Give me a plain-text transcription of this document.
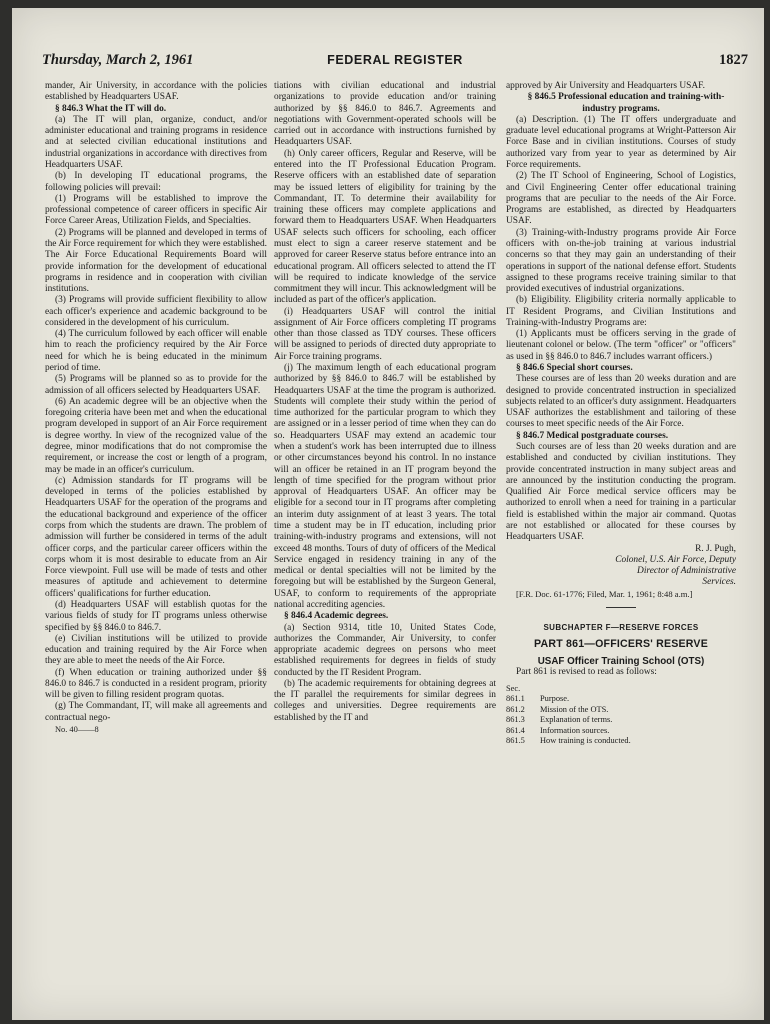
Thursday, March 2, 1961	FEDERAL REGISTER	1827

mander, Air University, in accordance with the policies established by Headquarters USAF.

§ 846.3 What the IT will do.

(a) The IT will plan, organize, conduct, and/or administer educational and training programs in residence and at selected civilian educational institutions and industrial organizations in accordance with directives from Headquarters USAF.

(b) In developing IT educational programs, the following policies will prevail:

(1) Programs will be established to improve the professional competence of career officers in specific Air Force Career Areas, Utilization Fields, and Specialties.

(2) Programs will be planned and developed in terms of the Air Force requirement for which they were established. The Air Force Educational Requirements Board will provide information for the development of educational programs in residence and in cooperation with civilian institutions.

(3) Programs will provide sufficient flexibility to allow each officer's experience and academic background to be considered in the development of his curriculum.

(4) The curriculum followed by each officer will enable him to reach the proficiency required by the Air Force need for which he is being educated in the minimum period of time.

(5) Programs will be planned so as to provide for the admission of all officers selected by Headquarters USAF.

(6) An academic degree will be an objective when the foregoing criteria have been met and when the educational program developed in support of an Air Force requirement is degree worthy. In view of the recognized value of the degree, minor modifications that do not compromise the requirement, or increase the cost or length of a program, may be made in an officer's curriculum.

(c) Admission standards for IT programs will be developed in terms of the policies established by Headquarters USAF for the operation of the programs and the educational background and experience of the officer corps from which the students are drawn. The problem of admission will further be considered in terms of the adult officer corps, and the particular career officers within the corps whom it is most desirable to educate from an Air Force viewpoint. Full use will be made of tests and other measures of aptitude and achievement to determine officers' qualifications for further education.

(d) Headquarters USAF will establish quotas for the various fields of study for IT programs unless otherwise specified by §§ 846.0 to 846.7.

(e) Civilian institutions will be utilized to provide education and training required by the Air Force when they are able to meet the needs of the Air Force.

(f) When education or training authorized under §§ 846.0 to 846.7 is conducted in a resident program, priority will be given to filling resident program quotas.

(g) The Commandant, IT, will make all agreements and contractual nego-

No. 40——8

tiations with civilian educational and industrial organizations to provide education and/or training authorized by §§ 846.0 to 846.7. Agreements and negotiations with Government-operated schools will be carried out in accordance with instructions furnished by Headquarters USAF.

(h) Only career officers, Regular and Reserve, will be entered into the IT Professional Education Program. Reserve officers with an established date of separation may be issued letters of eligibility for training by the Commandant, IT. To determine their availability for training these officers may complete applications and forward them to Headquarters USAF. When Headquarters USAF selects such officers for schooling, each officer must elect to sign a career reserve statement and be approved for career Reserve status before entrance into an educational program. All officers selected to attend the IT will be required to indicate knowledge of the service commitment they will incur. This acknowledgment will be included as part of the officer's application.

(i) Headquarters USAF will control the initial assignment of Air Force officers completing IT programs other than those classed as TDY courses. These officers will be assigned to periods of directed duty appropriate to Air Force training programs.

(j) The maximum length of each educational program authorized by §§ 846.0 to 846.7 will be established by Headquarters USAF at the time the program is authorized. Students will complete their study within the period of time authorized for the particular program to which they are assigned or in a lesser period of time when they can do so. Headquarters USAF may extend an academic tour when a student's work has been interrupted due to illness or other circumstances beyond his control. In no instance will an officer be retained in an IT program beyond the length of time specified for the program without prior approval of Headquarters USAF. An officer may be eligible for a second tour in IT programs after completing an interim duty assignment of at least 3 years. The total time a student may be in IT education, including prior training-with-industry programs and extensions, will not exceed 48 months. Tours of duty of officers of the Medical Service engaged in residency training in any of the medical or dental specialties will not be limited by the foregoing but will be established by the Surgeon General, USAF, to conform to requirements of the appropriate national accrediting agencies.

§ 846.4 Academic degrees.

(a) Section 9314, title 10, United States Code, authorizes the Commander, Air University, to confer appropriate academic degrees on persons who meet established requirements for degrees in fields of study conducted by the IT Resident Program.

(b) The academic requirements for obtaining degrees at the IT parallel the requirements for similar degrees in colleges and universities. Degree requirements are established by the IT and

approved by Air University and Headquarters USAF.

§ 846.5 Professional education and training-with-industry programs.

(a) Description. (1) The IT offers undergraduate and graduate level educational programs at Wright-Patterson Air Force Base and in civilian institutions. Courses of study authorized vary from year to year as determined by Air Force requirements.

(2) The IT School of Engineering, School of Logistics, and Civil Engineering Center offer educational training programs that are peculiar to the needs of the Air Force. Programs are established, as directed by Headquarters USAF.

(3) Training-with-Industry programs provide Air Force officers with on-the-job training at various industrial concerns so that they may gain an understanding of their operations in support of the national defense effort. Students assigned to these programs receive training similar to that provided executives of industrial organizations.

(b) Eligibility. Eligibility criteria normally applicable to IT Resident Programs, and Civilian Institutions and Training-with-Industry Programs are:

(1) Applicants must be officers serving in the grade of lieutenant colonel or below. (The term "officer" or "officers" as used in §§ 846.0 to 846.7 includes warrant officers.)

§ 846.6 Special short courses.

These courses are of less than 20 weeks duration and are designed to provide concentrated instruction in specialized subjects related to an officer's duty assignment. Headquarters USAF authorizes the establishment and tailoring of these courses to meet specific needs of the Air Force.

§ 846.7 Medical postgraduate courses.

Such courses are of less than 20 weeks duration and are established and conducted by civilian institutions. They provide concentrated instruction in many subject areas and are announced by the institution conducting the program. Qualified Air Force medical service officers may be authorized to enroll when a need for training in a particular field is established within the major air command. Quotas are not established or allocated for these courses by Headquarters USAF.

R. J. Pugh,

Colonel, U.S. Air Force, Deputy

Director of Administrative

Services.

[F.R. Doc. 61-1776; Filed, Mar. 1, 1961; 8:48 a.m.]

SUBCHAPTER F—RESERVE FORCES
PART 861—OFFICERS' RESERVE
USAF Officer Training School (OTS)

Part 861 is revised to read as follows:

Sec.
861.1	Purpose.
861.2	Mission of the OTS.
861.3	Explanation of terms.
861.4	Information sources.
861.5	How training is conducted.
